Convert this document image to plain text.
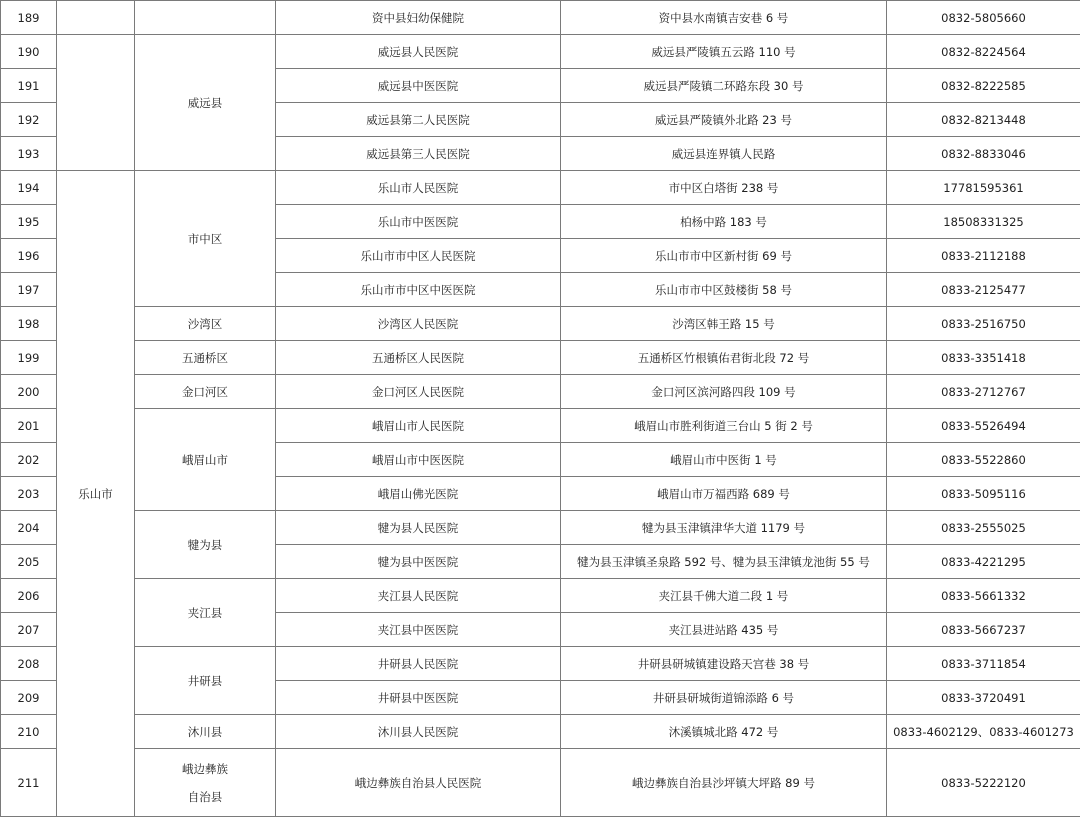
189			资中县妇幼保健院	资中县水南镇吉安巷 6 号	0832-5805660
190		威远县	威远县人民医院	威远县严陵镇五云路 110 号	0832-8224564
191			威远县中医医院	威远县严陵镇二环路东段 30 号	0832-8222585
192			威远县第二人民医院	威远县严陵镇外北路 23 号	0832-8213448
193			威远县第三人民医院	威远县连界镇人民路	0832-8833046
194	乐山市	市中区	乐山市人民医院	市中区白塔街 238 号	17781595361
195			乐山市中医医院	柏杨中路 183 号	18508331325
196			乐山市市中区人民医院	乐山市市中区新村街 69 号	0833-2112188
197			乐山市市中区中医医院	乐山市市中区鼓楼街 58 号	0833-2125477
198		沙湾区	沙湾区人民医院	沙湾区韩王路 15 号	0833-2516750
199		五通桥区	五通桥区人民医院	五通桥区竹根镇佑君街北段 72 号	0833-3351418
200		金口河区	金口河区人民医院	金口河区滨河路四段 109 号	0833-2712767
201		峨眉山市	峨眉山市人民医院	峨眉山市胜利街道三台山 5 街 2 号	0833-5526494
202			峨眉山市中医医院	峨眉山市中医街 1 号	0833-5522860
203			峨眉山佛光医院	峨眉山市万福西路 689 号	0833-5095116
204		犍为县	犍为县人民医院	犍为县玉津镇津华大道 1179 号	0833-2555025
205			犍为县中医医院	犍为县玉津镇圣泉路 592 号、犍为县玉津镇龙池街 55 号	0833-4221295
206		夹江县	夹江县人民医院	夹江县千佛大道二段 1 号	0833-5661332
207			夹江县中医医院	夹江县进站路 435 号	0833-5667237
208		井研县	井研县人民医院	井研县研城镇建设路天宫巷 38 号	0833-3711854
209			井研县中医医院	井研县研城街道锦添路 6 号	0833-3720491
210		沐川县	沐川县人民医院	沐溪镇城北路 472 号	0833-4602129、0833-4601273
211		峨边彝族
自治县	峨边彝族自治县人民医院	峨边彝族自治县沙坪镇大坪路 89 号	0833-5222120
